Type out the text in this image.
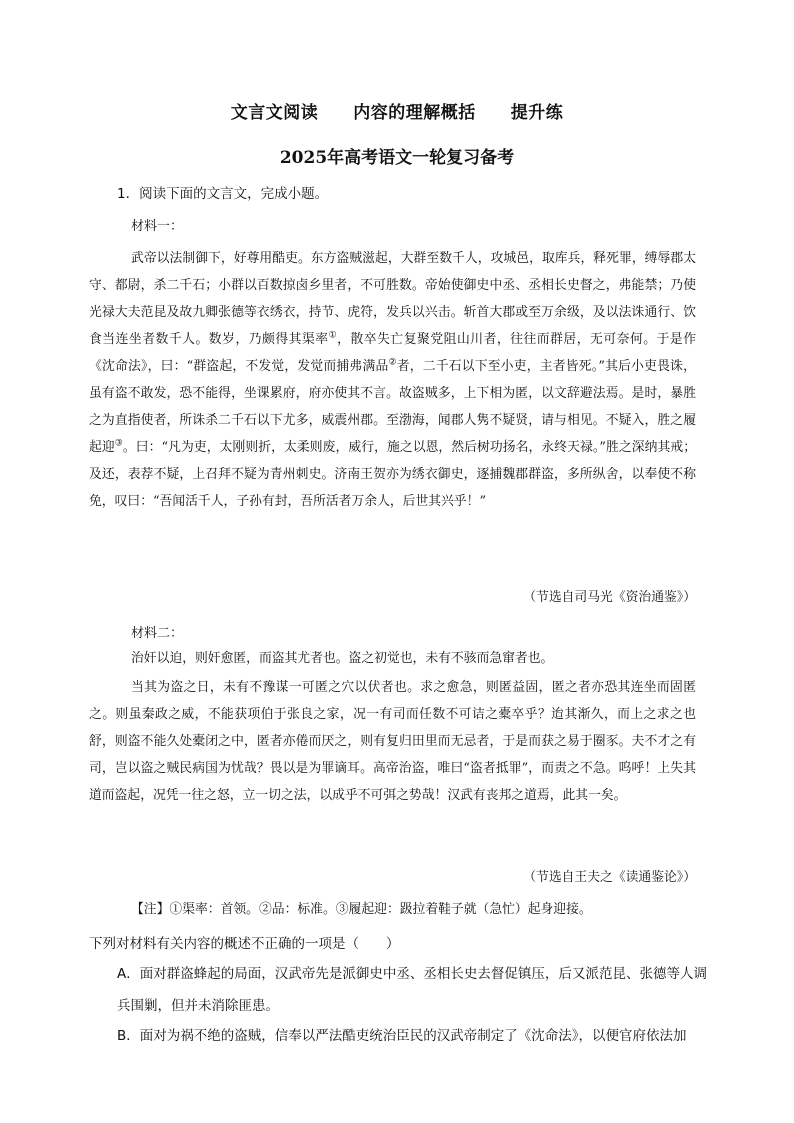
文言文阅读　　内容的理解概括　　提升练
2025年高考语文一轮复习备考
1．阅读下面的文言文，完成小题。
材料一：

武帝以法制御下，好尊用酷吏。东方盗贼滋起，大群至数千人，攻城邑，取库兵，释死罪，缚辱郡太守、都尉，杀二千石；小群以百数掠卤乡里者，不可胜数。帝始使御史中丞、丞相长史督之，弗能禁；乃使光禄大夫范昆及故九卿张德等衣绣衣，持节、虎符，发兵以兴击。斩首大郡或至万余级，及以法诛通行、饮食当连坐者数千人。数岁，乃颇得其渠率①，散卒失亡复聚党阻山川者，往往而群居，无可奈何。于是作《沈命法》，曰：“群盗起，不发觉，发觉而捕弗满品②者，二千石以下至小吏，主者皆死。”其后小吏畏诛，虽有盗不敢发，恐不能得，坐课累府，府亦使其不言。故盗贼多，上下相为匿，以文辞避法焉。是时，暴胜之为直指使者，所诛杀二千石以下尤多，威震州郡。至渤海，闻郡人隽不疑贤，请与相见。不疑入，胜之履起迎③。曰：“凡为吏，太刚则折，太柔则废，威行，施之以恩，然后树功扬名，永终天禄。”胜之深纳其戒；及还，表荐不疑，上召拜不疑为青州刺史。济南王贺亦为绣衣御史，逐捕魏郡群盗，多所纵舍，以奉使不称免，叹曰：“吾闻活千人，子孙有封，吾所活者万余人，后世其兴乎！”

（节选自司马光《资治通鉴》）
材料二：

治奸以迫，则奸愈匿，而盗其尤者也。盗之初觉也，未有不骇而急窜者也。

当其为盗之日，未有不豫谋一可匿之穴以伏者也。求之愈急，则匿益固，匿之者亦恐其连坐而固匿之。则虽秦政之威，不能获项伯于张良之家，况一有司而任数不可诘之橐卒乎？迨其渐久，而上之求之也舒，则盗不能久处橐闭之中，匿者亦倦而厌之，则有复归田里而无忌者，于是而获之易于圈豕。夫不才之有司，岂以盗之贼民病国为忧哉？畏以是为罪谪耳。高帝治盗，唯曰“盗者抵罪”，而责之不急。呜呼！上失其道而盗起，况凭一往之怒，立一切之法，以成乎不可弭之势哉！汉武有丧邦之道焉，此其一矣。

（节选自王夫之《读通鉴论》）
【注】①渠率：首领。②品：标准。③履起迎：趿拉着鞋子就（急忙）起身迎接。
下列对材料有关内容的概述不正确的一项是（　　）

A．面对群盗蜂起的局面，汉武帝先是派御史中丞、丞相长史去督促镇压，后又派范昆、张德等人调兵围剿，但并未消除匪患。

B．面对为祸不绝的盗贼，信奉以严法酷吏统治臣民的汉武帝制定了《沈命法》，以便官府依法加
